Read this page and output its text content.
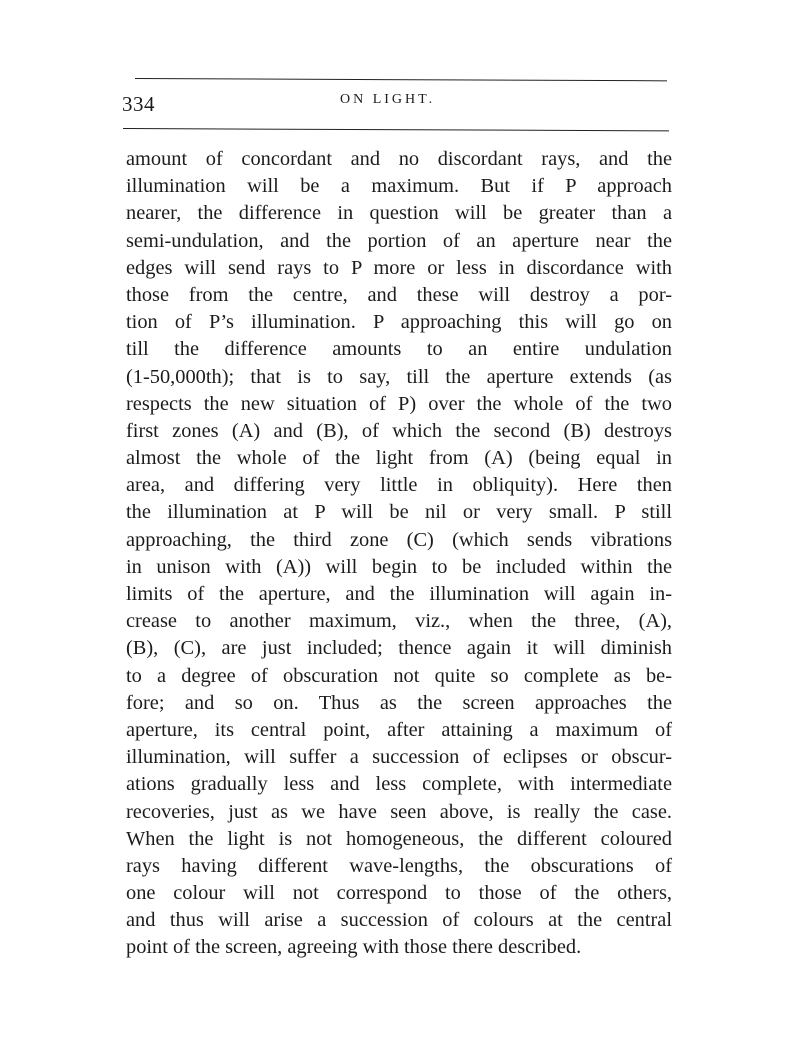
334	ON LIGHT.
amount of concordant and no discordant rays, and the
illumination will be a maximum. But if P approach
nearer, the difference in question will be greater than a
semi-undulation, and the portion of an aperture near the
edges will send rays to P more or less in discordance with
those from the centre, and these will destroy a por-
tion of P’s illumination. P approaching this will go on
till the difference amounts to an entire undulation
(1-50,000th); that is to say, till the aperture extends (as
respects the new situation of P) over the whole of the two
first zones (A) and (B), of which the second (B) destroys
almost the whole of the light from (A) (being equal in
area, and differing very little in obliquity). Here then
the illumination at P will be nil or very small. P still
approaching, the third zone (C) (which sends vibrations
in unison with (A)) will begin to be included within the
limits of the aperture, and the illumination will again in-
crease to another maximum, viz., when the three, (A),
(B), (C), are just included; thence again it will diminish
to a degree of obscuration not quite so complete as be-
fore; and so on. Thus as the screen approaches the
aperture, its central point, after attaining a maximum of
illumination, will suffer a succession of eclipses or obscur-
ations gradually less and less complete, with intermediate
recoveries, just as we have seen above, is really the case.
When the light is not homogeneous, the different coloured
rays having different wave-lengths, the obscurations of
one colour will not correspond to those of the others,
and thus will arise a succession of colours at the central
point of the screen, agreeing with those there described.
